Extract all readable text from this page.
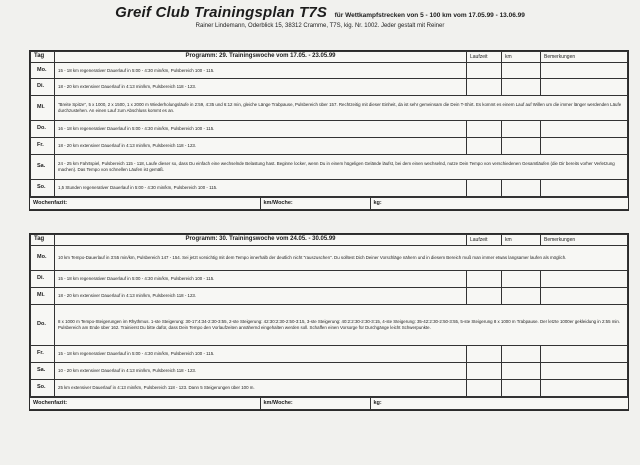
Greif Club Trainingsplan T7S für Wettkampfstrecken von 5 - 100 km vom 17.05.99 - 13.06.99
Rainer Lindemann, Oderblick 15, 38312 Cramme, T7S, kig. Nr. 1002. Jeder gestalt mit Reiner
Tag	Programm: 29. Trainingswoche vom 17.05. - 23.05.99	Laufzeit	km	Bemerkungen
Mo.	15 - 18 km regenerativer Dauerlauf in 5:00 - 4:30 min/km, Pulsbereich 100 - 115.			
Di.	18 - 20 km extensiver Dauerlauf in 4:13 min/km, Pulsbereich 118 - 123.			
Mi.	"Breite Spitze", 5 x 1000, 2 x 1500, 1 x 2000 m Wiederholungsläufe in 2:59, 4:35 und 6:12 min, gleiche Länge Trabpause, Pulsbereich über 157. Rechtzeitig mit dieser Einheit, da ist sehr gemeinsam die Dein T-Shirt. Es kommt es einem Lauf auf Willen um die immer länger werdenden Läufe durchzustehen. An einen Lauf zum Abschluss kommt es an.			
Do.	16 - 18 km regenerativer Dauerlauf in 5:00 - 4:30 min/km, Pulsbereich 100 - 115.			
Fr.	18 - 20 km extensiver Dauerlauf in 4:13 min/km, Pulsbereich 118 - 123.			
Sa.	24 - 25 km Fahrtspiel, Pulsbereich 115 - 118, Laufe dieser so, dass Du einfach eine wechselnde Belastung hast. Beginne locker, wenn Du in einem hügeligen Gelände läufst, bei dem einen wechselnd, nutze Dein Tempo von verschiedenen Gesamtläufen (die Dir bereits vorher Verletzung machen). Das Tempo von schnellen Läufen ist gemäß.			
So.	1,5 Stunden regenerativer Dauerlauf in 5:00 - 4:30 min/km, Pulsbereich 100 - 115.			
Wochenfazit:	km/Woche:	kg:
Tag	Programm: 30. Trainingswoche vom 24.05. - 30.05.99	Laufzeit	km	Bemerkungen
Mo.	10 km Tempo-Dauerlauf in 3:55 min/km, Pulsbereich 147 - 154. Sei jetzt vorsichtig mit dem Tempo innerhalb der deutlich nicht "rauszuschen". Du solltest Dich Deiner Vorschläge nähern und in diesem Bereich muß man immer etwas langsamer laufen als möglich.			
Di.	15 - 18 km regenerativer Dauerlauf in 5:00 - 4:30 min/km, Pulsbereich 100 - 115.			
Mi.	18 - 20 km extensiver Dauerlauf in 4:13 min/km, Pulsbereich 118 - 123.			
Do.	8 x 1000 m Tempo-Steigerungen im Rhythmus. 1-ste Steigerung: 30-17:4:34-2:30-3:55, 2-ste Steigerung: 42:30:2:30-2:50-3:15, 3-ste Steigerung: 40:2:2:30-2:30-3:15, 4-ste Steigerung: 35-42:2:30-2:50-3:55, 5-ste Steigerung 8 x 1000 m Trabpause. Der letzte 1000er gekleidung in 2:55 min. Pulsbereich am Ende über 162. Trainierst Du bitte dafür, dass Dein Tempo den Vorlaufzeiten annähernd eingehalten werden soll. Schaffen einen Vorsorge für Durchgänge leicht Schwerpunkte.			
Fr.	15 - 18 km regenerativer Dauerlauf in 5:00 - 4:30 min/km, Pulsbereich 100 - 115.			
Sa.	10 - 20 km extensiver Dauerlauf in 4:13 min/km, Pulsbereich 118 - 123.			
So.	25 km extensiver Dauerlauf in 4:13 min/km, Pulsbereich 118 - 123. Dann 5 Steigerungen über 100 m.			
Wochenfazit:	km/Woche:	kg:
